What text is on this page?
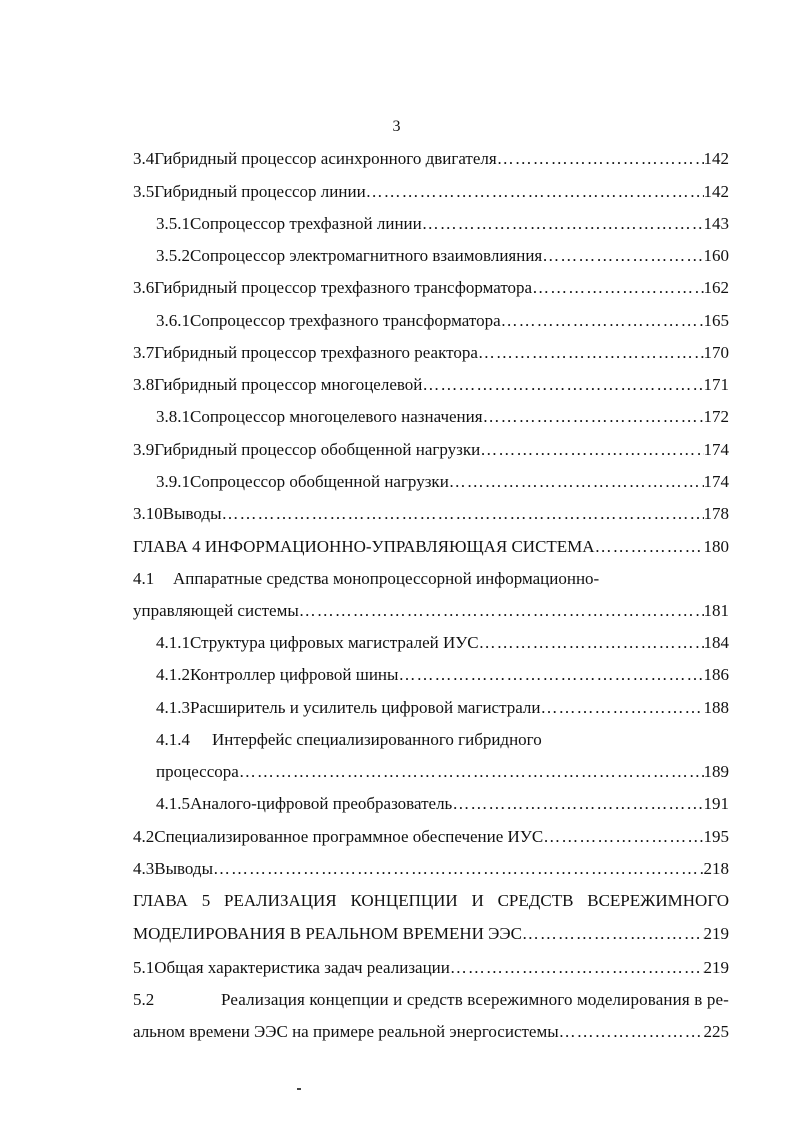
3
3.4 Гибридный процессор асинхронного двигателя …………………………………………………………………………………………………………………………………………………………	142
3.5 Гибридный процессор линии …………………………………………………………………………………………………………………………………………………………	142
3.5.1 Сопроцессор трехфазной линии …………………………………………………………………………………………………………………………………………………………	143
3.5.2 Сопроцессор электромагнитного взаимовлияния …………………………………………………………………………………………………………………………………………………………	160
3.6 Гибридный процессор трехфазного трансформатора …………………………………………………………………………………………………………………………………………………………	162
3.6.1 Сопроцессор трехфазного трансформатора …………………………………………………………………………………………………………………………………………………………	165
3.7 Гибридный процессор трехфазного реактора …………………………………………………………………………………………………………………………………………………………	170
3.8 Гибридный процессор многоцелевой …………………………………………………………………………………………………………………………………………………………	171
3.8.1 Сопроцессор многоцелевого назначения …………………………………………………………………………………………………………………………………………………………	172
3.9 Гибридный процессор обобщенной нагрузки …………………………………………………………………………………………………………………………………………………………	174
3.9.1 Сопроцессор обобщенной нагрузки …………………………………………………………………………………………………………………………………………………………	174
3.10 Выводы …………………………………………………………………………………………………………………………………………………………	178
ГЛАВА 4 ИНФОРМАЦИОННО-УПРАВЛЯЮЩАЯ СИСТЕМА …………………………………………………………………………………………………………………………………………………………	180
4.1	Аппаратные средства монопроцессорной информационно-
управляющей системы …………………………………………………………………………………………………………………………………………………………	181
4.1.1 Структура цифровых магистралей ИУС …………………………………………………………………………………………………………………………………………………………	184
4.1.2 Контроллер цифровой шины …………………………………………………………………………………………………………………………………………………………	186
4.1.3 Расширитель и усилитель цифровой магистрали …………………………………………………………………………………………………………………………………………………………	188
4.1.4	Интерфейс специализированного гибридного
процессора …………………………………………………………………………………………………………………………………………………………	189
4.1.5 Аналого-цифровой преобразователь …………………………………………………………………………………………………………………………………………………………	191
4.2 Специализированное программное обеспечение ИУС …………………………………………………………………………………………………………………………………………………………	195
4.3 Выводы …………………………………………………………………………………………………………………………………………………………	218
ГЛАВА 5 РЕАЛИЗАЦИЯ КОНЦЕПЦИИ И СРЕДСТВ ВСЕРЕЖИМНОГО
МОДЕЛИРОВАНИЯ В РЕАЛЬНОМ ВРЕМЕНИ ЭЭС …………………………………………………………………………………………………………………………………………………………	219
5.1 Общая характеристика задач реализации …………………………………………………………………………………………………………………………………………………………	219
5.2	Реализация концепции и средств всережимного моделирования в ре-
альном времени ЭЭС на примере реальной энергосистемы …………………………………………………………………………………………………………………………………………………………	225
